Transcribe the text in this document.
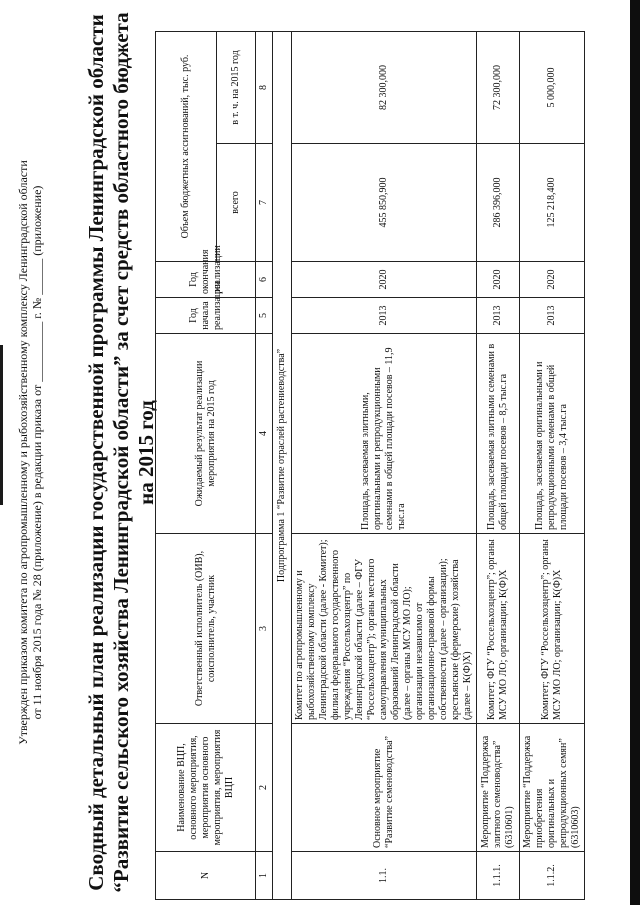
Утвержден приказом комитета по агропромышленному и рыбохозяйственному комплексу Ленинградской области от 11 ноября 2015 года № 28 (приложение) в редакции приказа от __________ г. № ______ (приложение) Сводный детальный план реализации государственной программы Ленинградской области “Развитие сельского хозяйства Ленинградской области” за счет средств областного бюджета на 2015 год
N	Наименование ВЦП, основного мероприятия, мероприятия основного мероприятия, мероприятия ВЦП	Ответственный исполнитель (ОИВ), соисполнитель, участник	Ожидаемый результат реализации мероприятия на 2015 год	Год начала реализации	Год окончания реализации	Объем бюджетных ассигнований, тыс. руб.	
						всего	в т. ч. на 2015 год
1	2	3	4	5	6	7	8
Подпрограмма 1 “Развитие отраслей растениеводства”							
1.1.	Основное мероприятие “Развитие семеноводства”	Комитет по агропромышленному и рыбохозяйственному комплексу Ленинградской области (далее - Комитет); филиал федерального государственного учреждения “Россельхозцентр” по Ленинградской области (далее – ФГУ “Россельхозцентр”); органы местного самоуправления муниципальных образований Ленинградской области (далее – органы МСУ МО ЛО); организации независимо от организационно-правовой формы собственности (далее – организации); крестьянские (фермерские) хозяйства (далее – К(Ф)Х)	Площадь, засеваемая элитными, оригинальными и репродукционными семенами в общей площади посевов – 11,9 тыс.га	2013	2020	455 850,900	82 300,000
1.1.1.	Мероприятие “Поддержка элитного семеноводства” (6310601)	Комитет; ФГУ “Россельхозцентр”; органы МСУ МО ЛО; организации; К(Ф)Х	Площадь, засеваемая элитными семенами в общей площади посевов – 8,5 тыс.га	2013	2020	286 396,000	72 300,000
1.1.2.	Мероприятие “Поддержка приобретения оригинальных и репродукционных семян” (6310603)	Комитет; ФГУ “Россельхозцентр”; органы МСУ МО ЛО; организации; К(Ф)Х	Площадь, засеваемая оригинальными и репродукционными семенами в общей площади посевов – 3,4 тыс.га	2013	2020	125 218,400	5 000,000
